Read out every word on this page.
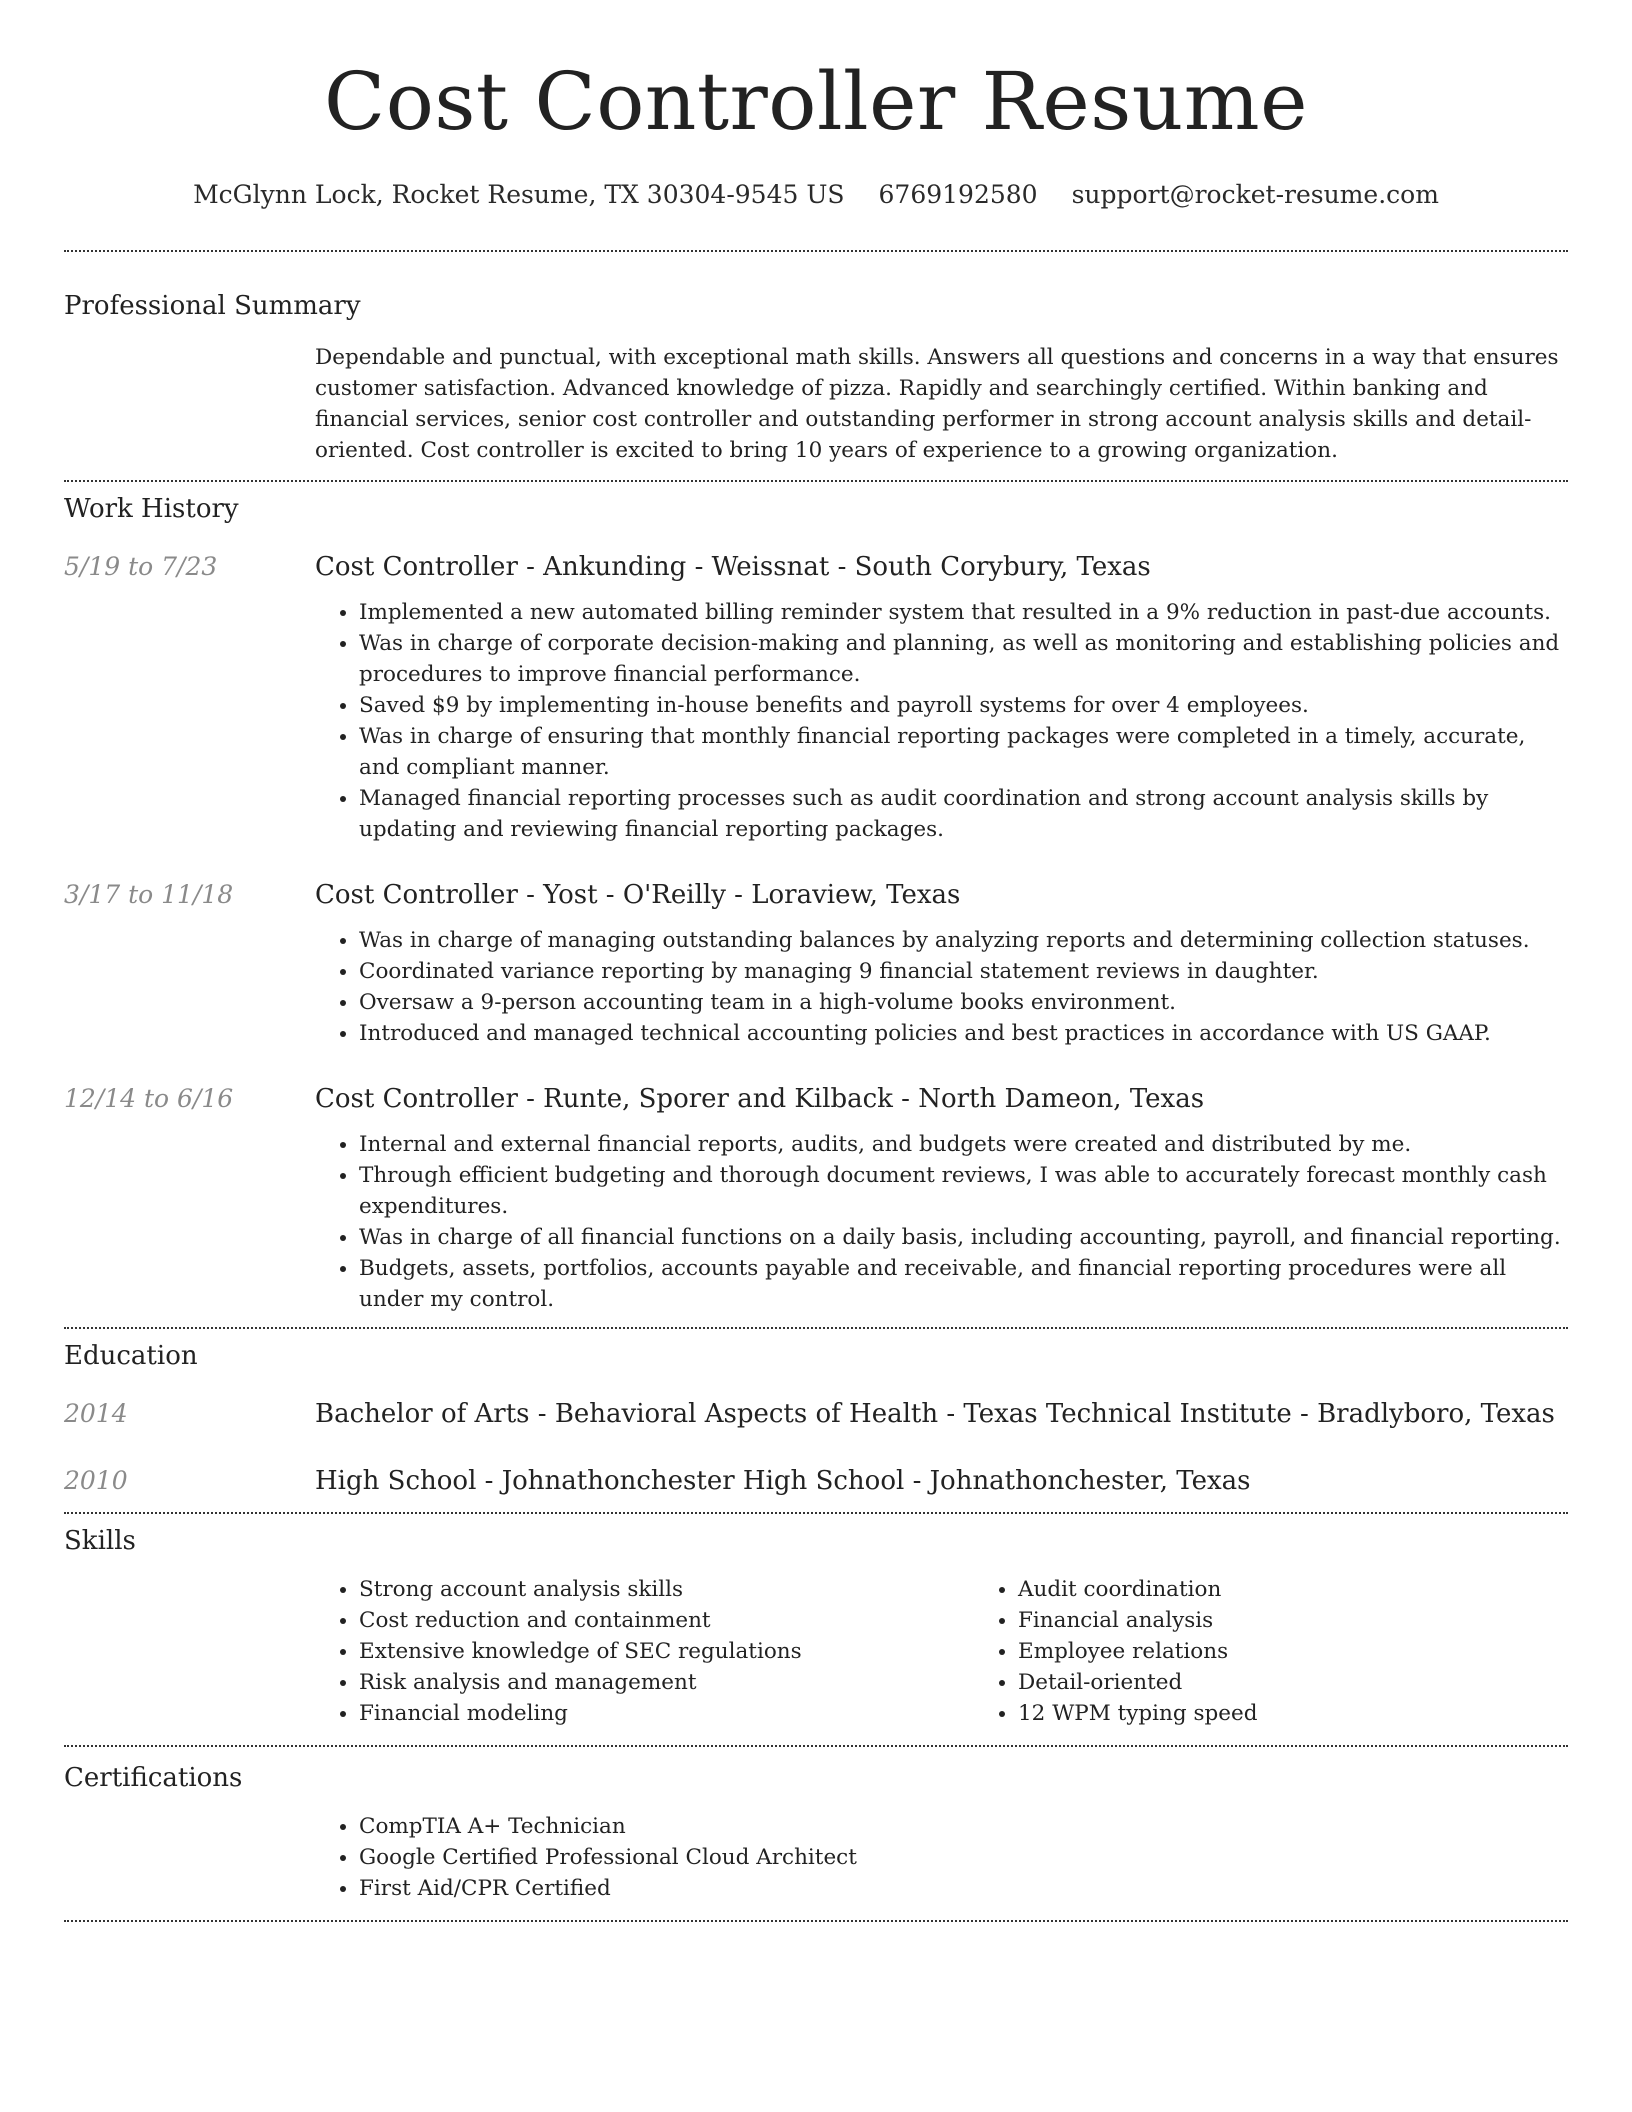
Cost Controller Resume
McGlynn Lock, Rocket Resume, TX 30304-9545 US 6769192580 support@rocket-resume.com
Professional Summary

Dependable and punctual, with exceptional math skills. Answers all questions and concerns in a way that ensures customer satisfaction. Advanced knowledge of pizza. Rapidly and searchingly certified. Within banking and financial services, senior cost controller and outstanding performer in strong account analysis skills and detail-oriented. Cost controller is excited to bring 10 years of experience to a growing organization.

Work History
5/19 to 7/23	Cost Controller - Ankunding - Weissnat - South Corybury, Texas
• Implemented a new automated billing reminder system that resulted in a 9% reduction in past-due accounts.
• Was in charge of corporate decision-making and planning, as well as monitoring and establishing policies and procedures to improve financial performance.
• Saved $9 by implementing in-house benefits and payroll systems for over 4 employees.
• Was in charge of ensuring that monthly financial reporting packages were completed in a timely, accurate, and compliant manner.
• Managed financial reporting processes such as audit coordination and strong account analysis skills by updating and reviewing financial reporting packages.
3/17 to 11/18	Cost Controller - Yost - O'Reilly - Loraview, Texas
• Was in charge of managing outstanding balances by analyzing reports and determining collection statuses.
• Coordinated variance reporting by managing 9 financial statement reviews in daughter.
• Oversaw a 9-person accounting team in a high-volume books environment.
• Introduced and managed technical accounting policies and best practices in accordance with US GAAP.
12/14 to 6/16	Cost Controller - Runte, Sporer and Kilback - North Dameon, Texas
• Internal and external financial reports, audits, and budgets were created and distributed by me.
• Through efficient budgeting and thorough document reviews, I was able to accurately forecast monthly cash expenditures.
• Was in charge of all financial functions on a daily basis, including accounting, payroll, and financial reporting.
• Budgets, assets, portfolios, accounts payable and receivable, and financial reporting procedures were all under my control.
Education
2014	Bachelor of Arts - Behavioral Aspects of Health - Texas Technical Institute - Bradlyboro, Texas
2010	High School - Johnathonchester High School - Johnathonchester, Texas
Skills
• Strong account analysis skills
• Cost reduction and containment
• Extensive knowledge of SEC regulations
• Risk analysis and management
• Financial modeling
• Audit coordination
• Financial analysis
• Employee relations
• Detail-oriented
• 12 WPM typing speed
Certifications
• CompTIA A+ Technician
• Google Certified Professional Cloud Architect
• First Aid/CPR Certified
